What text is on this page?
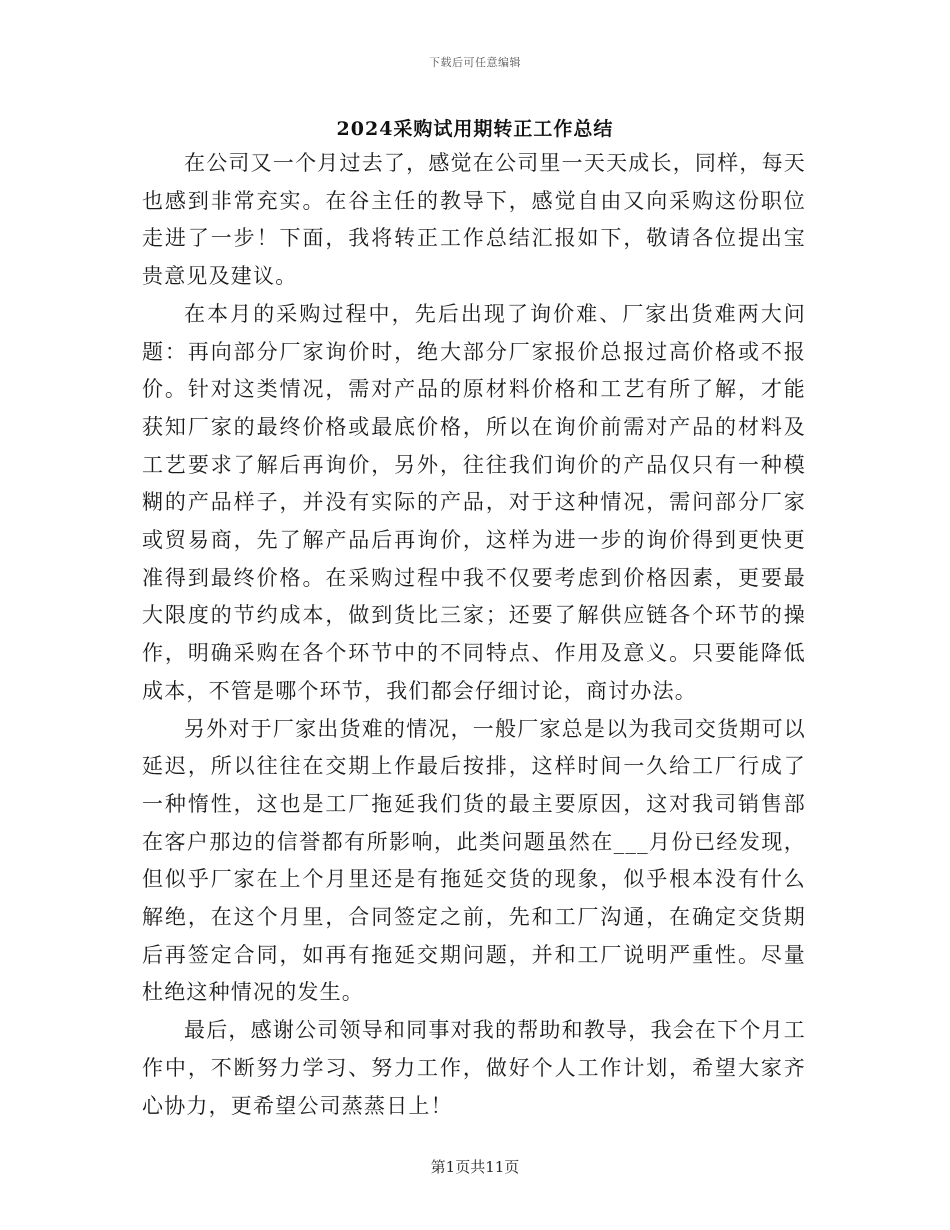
下载后可任意编辑
2024采购试用期转正工作总结

在公司又一个月过去了，感觉在公司里一天天成长，同样，每天也感到非常充实。在谷主任的教导下，感觉自由又向采购这份职位走进了一步！下面，我将转正工作总结汇报如下，敬请各位提出宝贵意见及建议。

在本月的采购过程中，先后出现了询价难、厂家出货难两大问题：再向部分厂家询价时，绝大部分厂家报价总报过高价格或不报价。针对这类情况，需对产品的原材料价格和工艺有所了解，才能获知厂家的最终价格或最底价格，所以在询价前需对产品的材料及工艺要求了解后再询价，另外，往往我们询价的产品仅只有一种模糊的产品样子，并没有实际的产品，对于这种情况，需问部分厂家或贸易商，先了解产品后再询价，这样为进一步的询价得到更快更准得到最终价格。在采购过程中我不仅要考虑到价格因素，更要最大限度的节约成本，做到货比三家；还要了解供应链各个环节的操作，明确采购在各个环节中的不同特点、作用及意义。只要能降低成本，不管是哪个环节，我们都会仔细讨论，商讨办法。

另外对于厂家出货难的情况，一般厂家总是以为我司交货期可以延迟，所以往往在交期上作最后按排，这样时间一久给工厂行成了一种惰性，这也是工厂拖延我们货的最主要原因，这对我司销售部在客户那边的信誉都有所影响，此类问题虽然在___月份已经发现，但似乎厂家在上个月里还是有拖延交货的现象，似乎根本没有什么解绝，在这个月里，合同签定之前，先和工厂沟通，在确定交货期后再签定合同，如再有拖延交期问题，并和工厂说明严重性。尽量杜绝这种情况的发生。

最后，感谢公司领导和同事对我的帮助和教导，我会在下个月工作中，不断努力学习、努力工作，做好个人工作计划，希望大家齐心协力，更希望公司蒸蒸日上！

第1页共11页
